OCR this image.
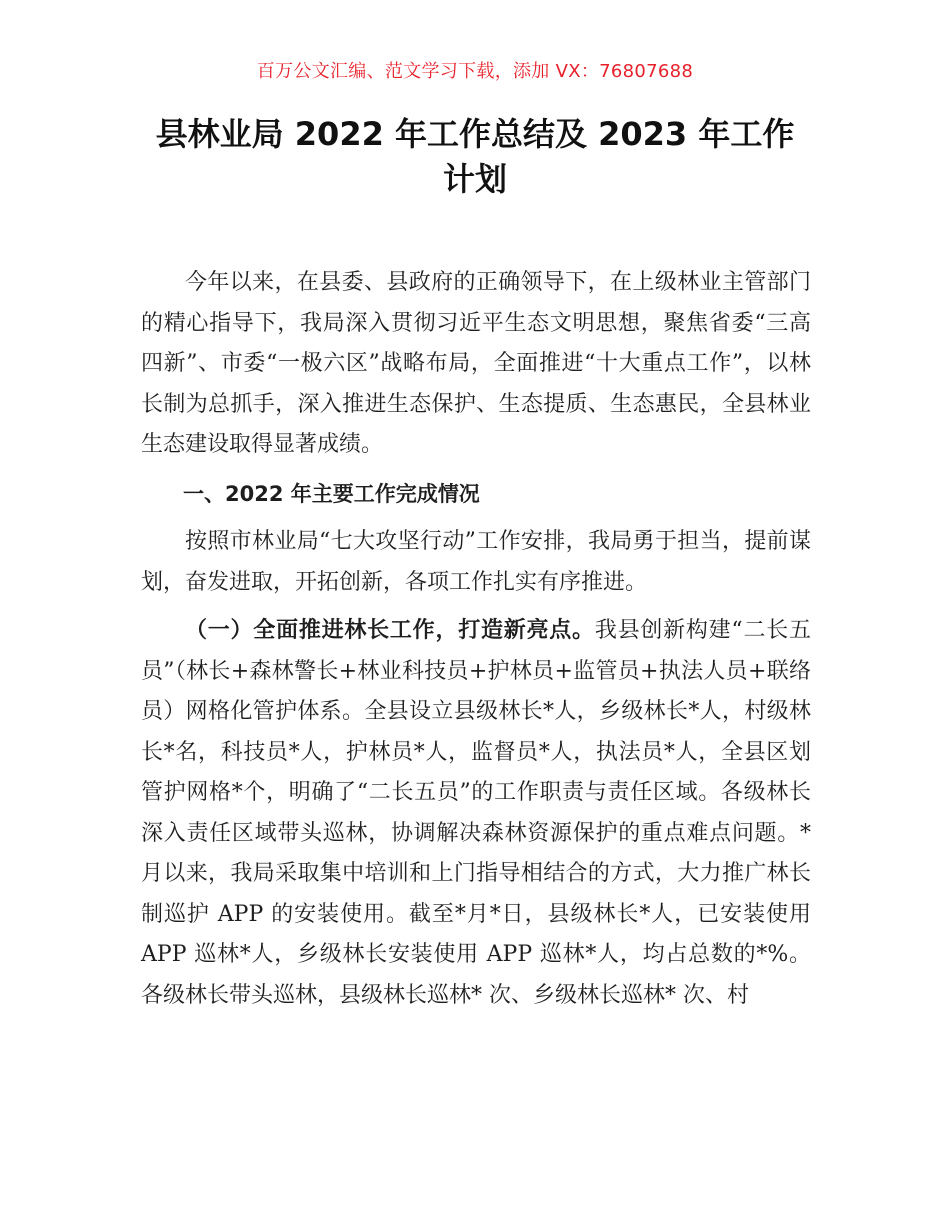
百万公文汇编、范文学习下载，添加 VX：76807688
县林业局 2022 年工作总结及 2023 年工作
计划

今年以来，在县委、县政府的正确领导下，在上级林业主管部门的精心指导下，我局深入贯彻习近平生态文明思想，聚焦省委“三高四新”、市委“一极六区”战略布局，全面推进“十大重点工作”，以林长制为总抓手，深入推进生态保护、生态提质、生态惠民，全县林业生态建设取得显著成绩。

一、2022 年主要工作完成情况

按照市林业局“七大攻坚行动”工作安排，我局勇于担当，提前谋划，奋发进取，开拓创新，各项工作扎实有序推进。

（一）全面推进林长工作，打造新亮点。我县创新构建“二长五员”（林长+森林警长+林业科技员+护林员+监管员+执法人员+联络员）网格化管护体系。全县设立县级林长*人，乡级林长*人，村级林长*名，科技员*人，护林员*人，监督员*人，执法员*人，全县区划管护网格*个，明确了“二长五员”的工作职责与责任区域。各级林长深入责任区域带头巡林，协调解决森林资源保护的重点难点问题。*月以来，我局采取集中培训和上门指导相结合的方式，大力推广林长制巡护 APP 的安装使用。截至*月*日，县级林长*人，已安装使用 APP 巡林*人，乡级林长安装使用 APP 巡林*人，均占总数的*%。各级林长带头巡林，县级林长巡林* 次、乡级林长巡林* 次、村
